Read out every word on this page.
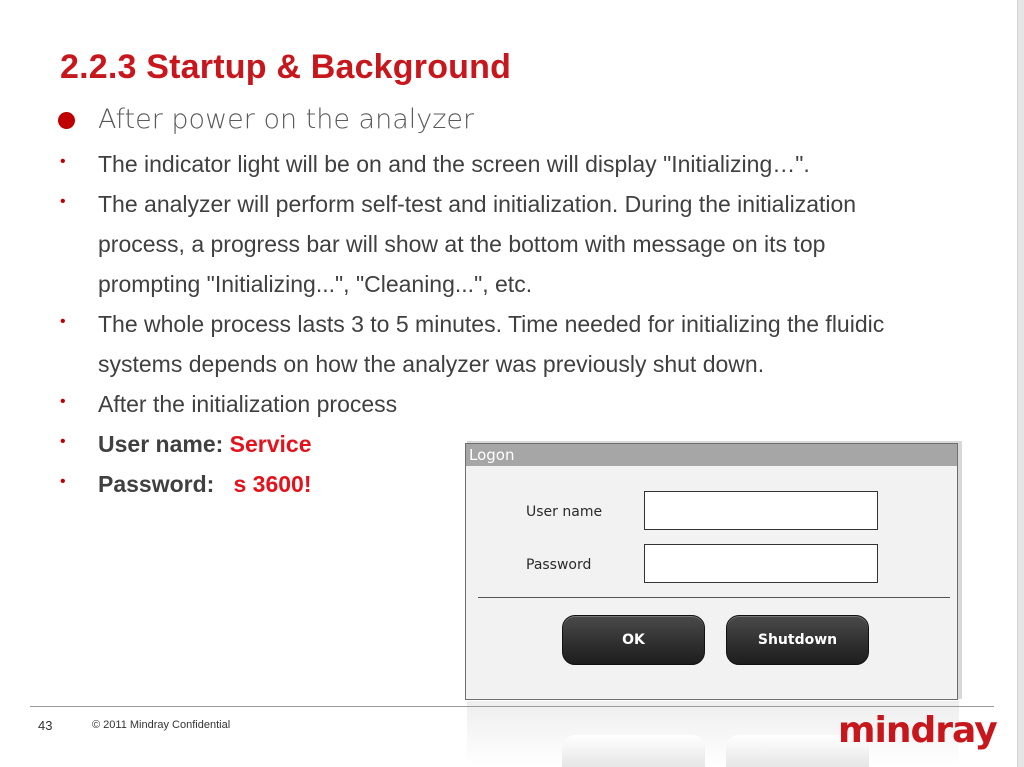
2.2.3 Startup & Background
After power on the analyzer
• The indicator light will be on and the screen will display "Initializing…".
• The analyzer will perform self-test and initialization. During the initialization
process, a progress bar will show at the bottom with message on its top
prompting "Initializing...", "Cleaning...", etc.
• The whole process lasts 3 to 5 minutes. Time needed for initializing the fluidic
systems depends on how the analyzer was previously shut down.
• After the initialization process
• User name: Service
• Password:   s 3600!
Logon
User name
Password
OK	Shutdown
43	© 2011 Mindray Confidential	mindray
